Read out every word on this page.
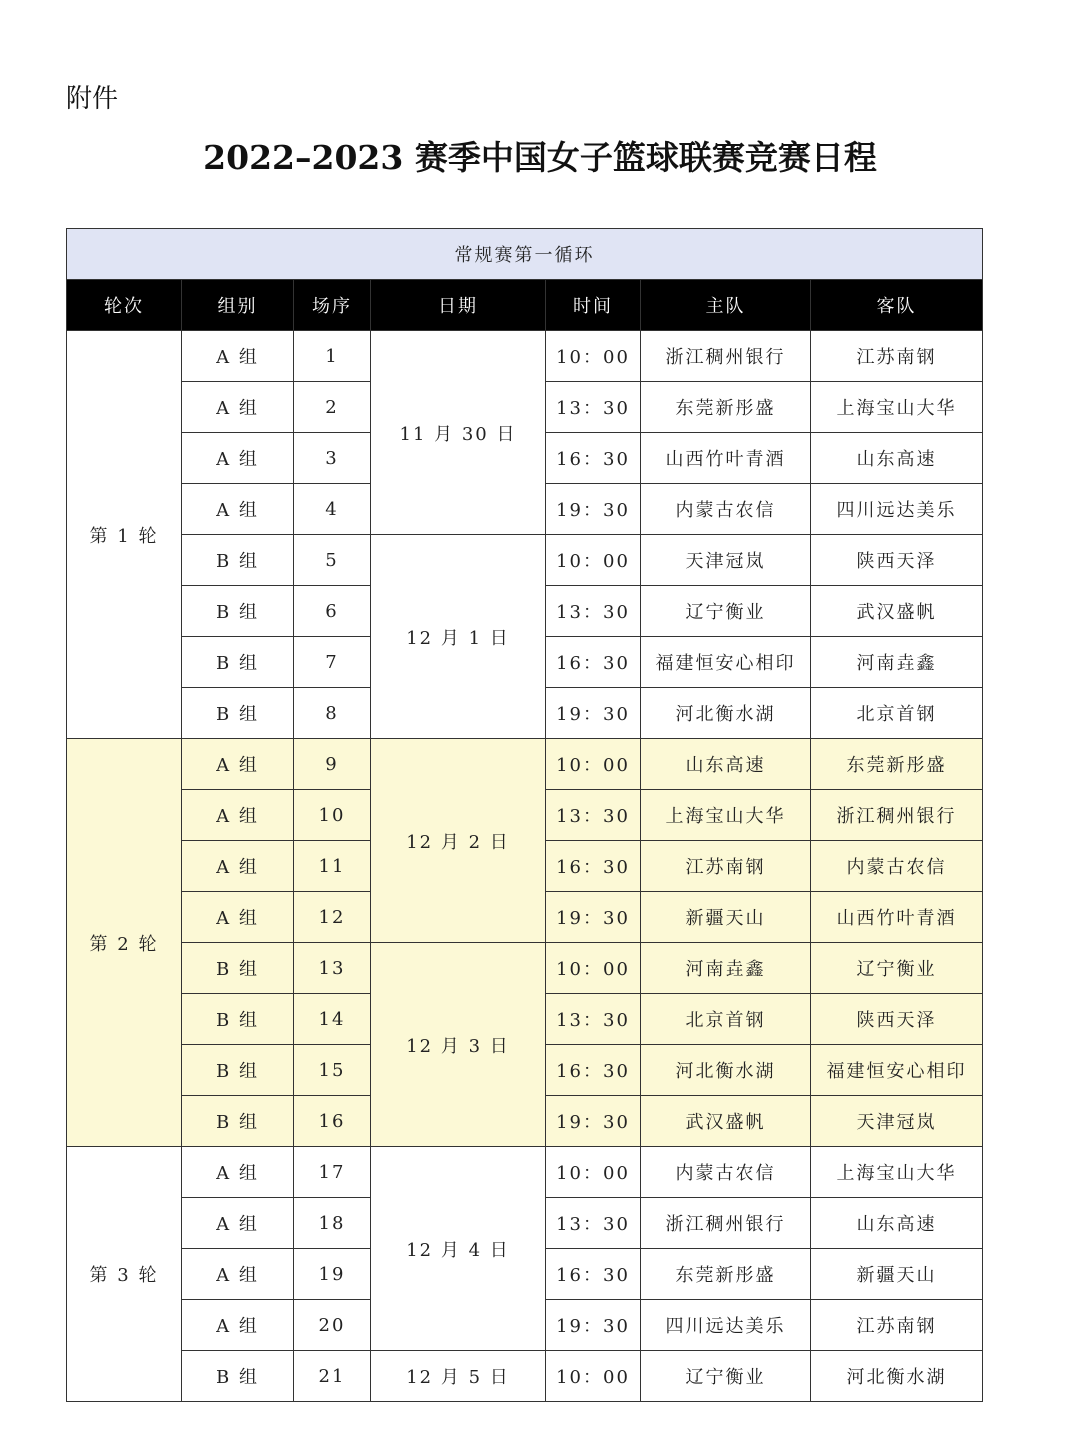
附件
2022–2023 赛季中国女子篮球联赛竞赛日程
常规赛第一循环						
轮次	组别	场序	日期	时间	主队	客队
第 1 轮	A 组	1	11 月 30 日	10：00	浙江稠州银行	江苏南钢
	A 组	2		13：30	东莞新彤盛	上海宝山大华
	A 组	3		16：30	山西竹叶青酒	山东高速
	A 组	4		19：30	内蒙古农信	四川远达美乐
	B 组	5	12 月 1 日	10：00	天津冠岚	陕西天泽
	B 组	6		13：30	辽宁衡业	武汉盛帆
	B 组	7		16：30	福建恒安心相印	河南垚鑫
	B 组	8		19：30	河北衡水湖	北京首钢
第 2 轮	A 组	9	12 月 2 日	10：00	山东高速	东莞新彤盛
	A 组	10		13：30	上海宝山大华	浙江稠州银行
	A 组	11		16：30	江苏南钢	内蒙古农信
	A 组	12		19：30	新疆天山	山西竹叶青酒
	B 组	13	12 月 3 日	10：00	河南垚鑫	辽宁衡业
	B 组	14		13：30	北京首钢	陕西天泽
	B 组	15		16：30	河北衡水湖	福建恒安心相印
	B 组	16		19：30	武汉盛帆	天津冠岚
第 3 轮	A 组	17	12 月 4 日	10：00	内蒙古农信	上海宝山大华
	A 组	18		13：30	浙江稠州银行	山东高速
	A 组	19		16：30	东莞新彤盛	新疆天山
	A 组	20		19：30	四川远达美乐	江苏南钢
	B 组	21	12 月 5 日	10：00	辽宁衡业	河北衡水湖
